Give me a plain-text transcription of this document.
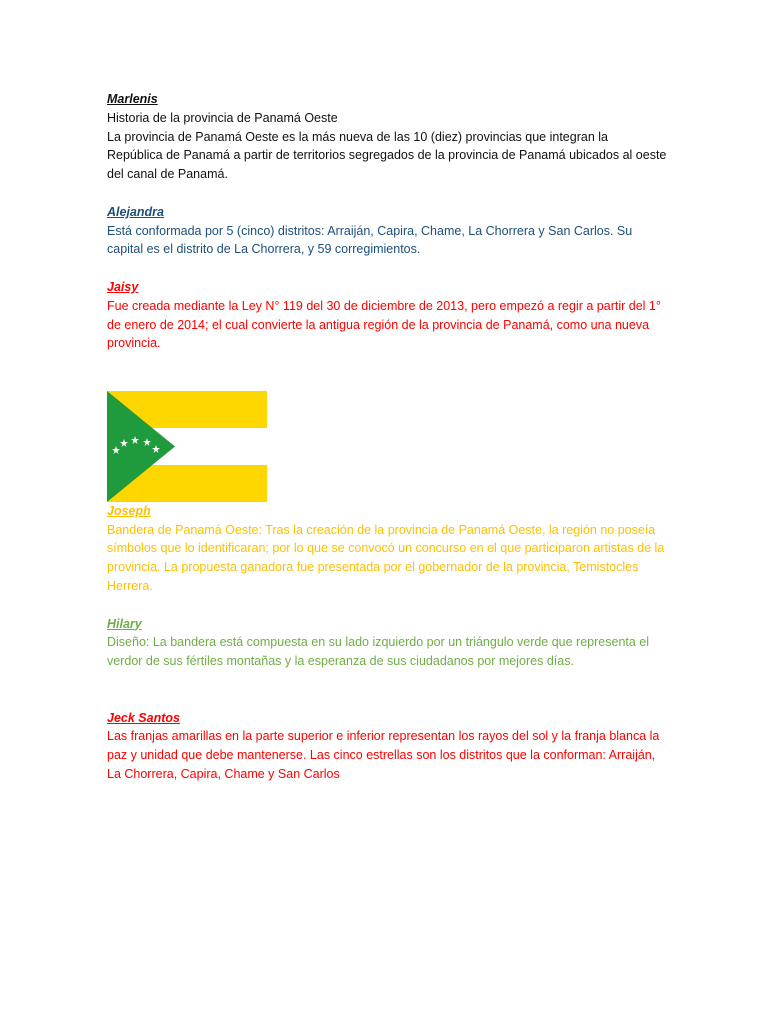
Marlenis

Historia de la provincia de Panamá Oeste

La provincia de Panamá Oeste es la más nueva de las 10 (diez) provincias que integran la República de Panamá a partir de territorios segregados de la provincia de Panamá ubicados al oeste del canal de Panamá.

Alejandra

Está conformada por 5 (cinco) distritos: Arraiján, Capira, Chame, La Chorrera y San Carlos. Su capital es el distrito de La Chorrera, y 59 corregimientos.

Jaisy

Fue creada mediante la Ley N° 119 del 30 de diciembre de 2013, pero empezó a regir a partir del 1° de enero de 2014; el cual convierte la antigua región de la provincia de Panamá, como una nueva provincia.

Joseph

Bandera de Panamá Oeste: Tras la creación de la provincia de Panamá Oeste, la región no poseía símbolos que lo identificaran; por lo que se convocó un concurso en el que participaron artistas de la provincia. La propuesta ganadora fue presentada por el gobernador de la provincia, Temistocles Herrera.

Hilary

Diseño: La bandera está compuesta en su lado izquierdo por un triángulo verde que representa el verdor de sus fértiles montañas y la esperanza de sus ciudadanos por mejores días.

Jeck Santos

Las franjas amarillas en la parte superior e inferior representan los rayos del sol y la franja blanca la paz y unidad que debe mantenerse. Las cinco estrellas son los distritos que la conforman: Arraiján, La Chorrera, Capira, Chame y San Carlos
